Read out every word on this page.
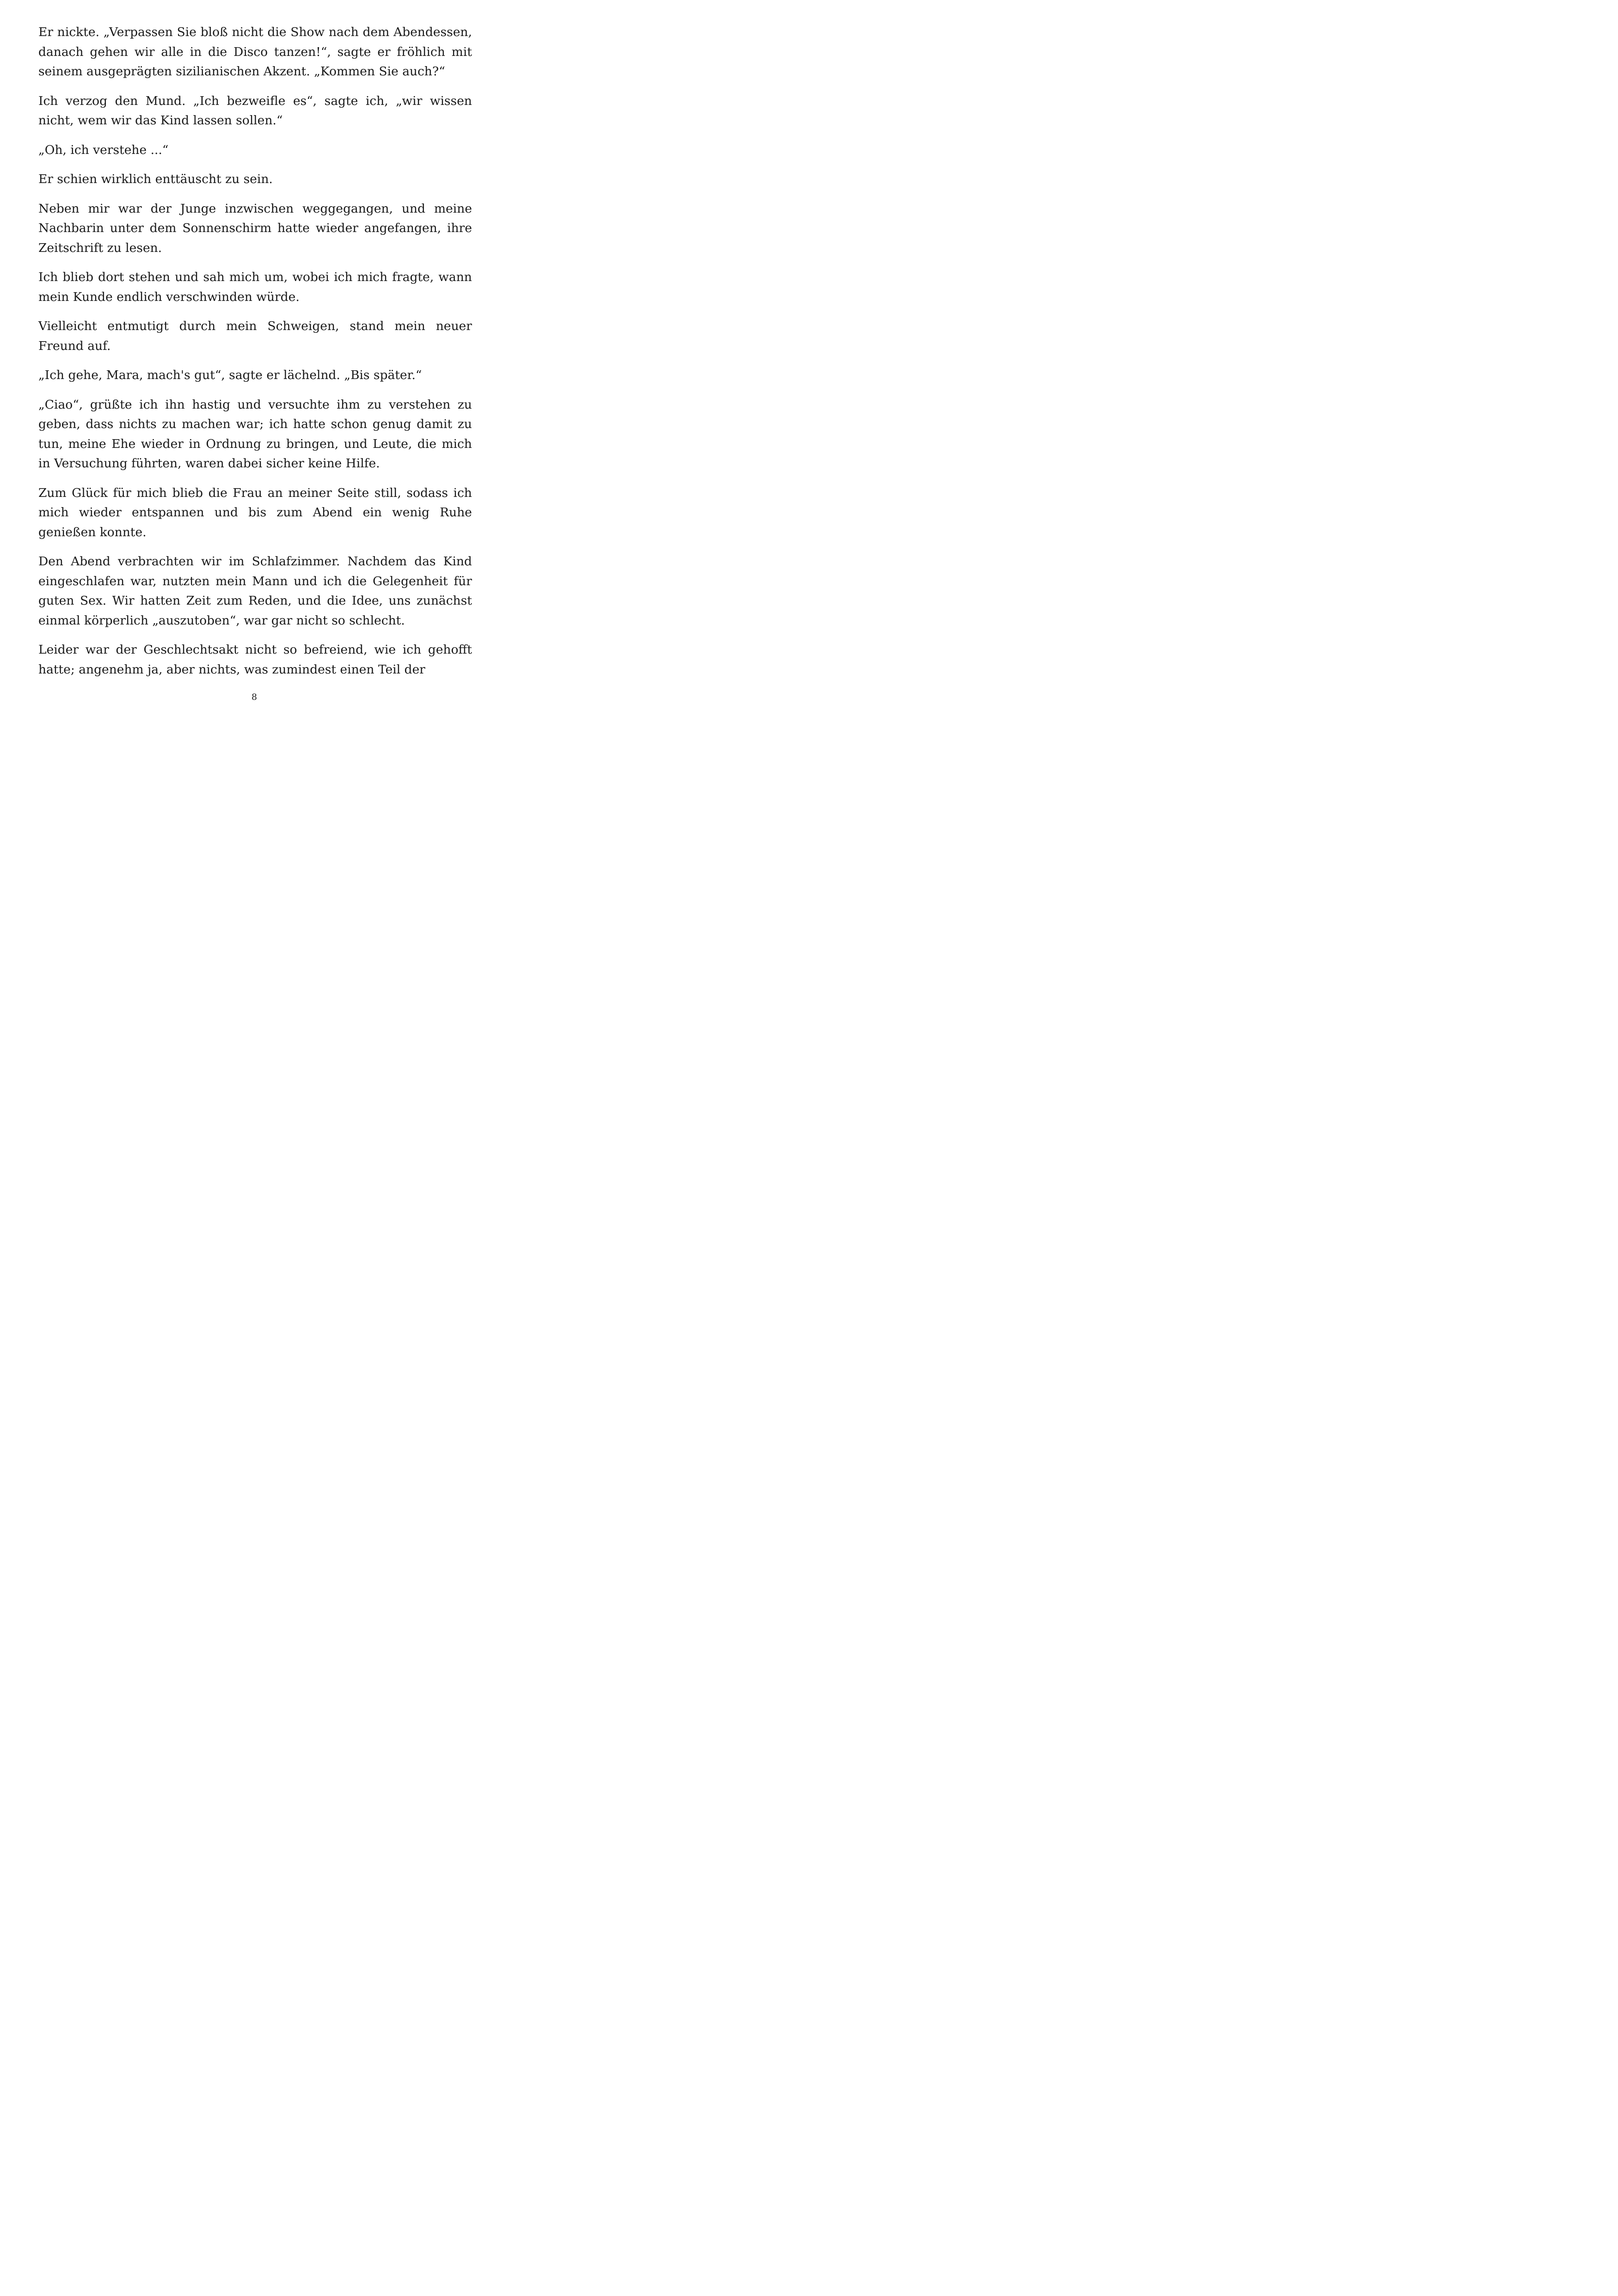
Er nickte. „Verpassen Sie bloß nicht die Show nach dem Abendessen, danach gehen wir alle in die Disco tanzen!“, sagte er fröhlich mit seinem ausgeprägten sizilianischen Akzent. „Kommen Sie auch?“

Ich verzog den Mund. „Ich bezweifle es“, sagte ich, „wir wissen nicht, wem wir das Kind lassen sollen.“

„Oh, ich verstehe ...“

Er schien wirklich enttäuscht zu sein.

Neben mir war der Junge inzwischen weggegangen, und meine Nachbarin unter dem Sonnenschirm hatte wieder angefangen, ihre Zeitschrift zu lesen.

Ich blieb dort stehen und sah mich um, wobei ich mich fragte, wann mein Kunde endlich verschwinden würde.

Vielleicht entmutigt durch mein Schweigen, stand mein neuer Freund auf.

„Ich gehe, Mara, mach's gut“, sagte er lächelnd. „Bis später.“

„Ciao“, grüßte ich ihn hastig und versuchte ihm zu verstehen zu geben, dass nichts zu machen war; ich hatte schon genug damit zu tun, meine Ehe wieder in Ordnung zu bringen, und Leute, die mich in Versuchung führten, waren dabei sicher keine Hilfe.

Zum Glück für mich blieb die Frau an meiner Seite still, sodass ich mich wieder entspannen und bis zum Abend ein wenig Ruhe genießen konnte.

Den Abend verbrachten wir im Schlafzimmer. Nachdem das Kind eingeschlafen war, nutzten mein Mann und ich die Gelegenheit für guten Sex. Wir hatten Zeit zum Reden, und die Idee, uns zunächst einmal körperlich „auszutoben“, war gar nicht so schlecht.

Leider war der Geschlechtsakt nicht so befreiend, wie ich gehofft hatte; angenehm ja, aber nichts, was zumindest einen Teil der

8
